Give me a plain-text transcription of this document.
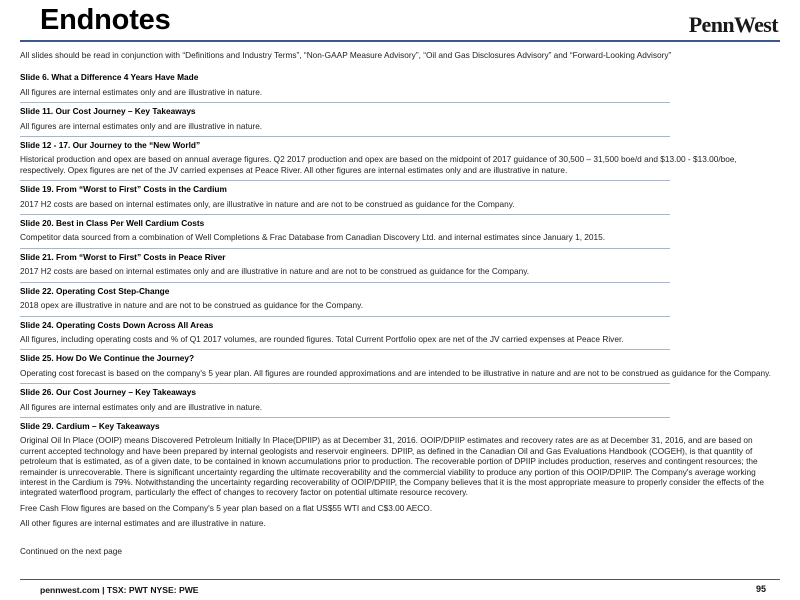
Endnotes	PennWest
All slides should be read in conjunction with “Definitions and Industry Terms”, “Non-GAAP Measure Advisory”, “Oil and Gas Disclosures Advisory” and “Forward-Looking Advisory”
Slide 6. What a Difference 4 Years Have Made

All figures are internal estimates only and are illustrative in nature.

Slide 11. Our Cost Journey – Key Takeaways

All figures are internal estimates only and are illustrative in nature.

Slide 12 - 17. Our Journey to the “New World”

Historical production and opex are based on annual average figures. Q2 2017 production and opex are based on the midpoint of 2017 guidance of 30,500 – 31,500 boe/d and $13.00 - $13.00/boe, respectively. Opex figures are net of the JV carried expenses at Peace River. All other figures are internal estimates only and are illustrative in nature.

Slide 19. From “Worst to First” Costs in the Cardium

2017 H2 costs are based on internal estimates only, are illustrative in nature and are not to be construed as guidance for the Company.

Slide 20. Best in Class Per Well Cardium Costs

Competitor data sourced from a combination of Well Completions & Frac Database from Canadian Discovery Ltd. and internal estimates since January 1, 2015.

Slide 21. From “Worst to First” Costs in Peace River

2017 H2 costs are based on internal estimates only and are illustrative in nature and are not to be construed as guidance for the Company.

Slide 22. Operating Cost Step-Change

2018 opex are illustrative in nature and are not to be construed as guidance for the Company.

Slide 24. Operating Costs Down Across All Areas

All figures, including operating costs and % of Q1 2017 volumes, are rounded figures. Total Current Portfolio opex are net of the JV carried expenses at Peace River.

Slide 25. How Do We Continue the Journey?

Operating cost forecast is based on the company's 5 year plan. All figures are rounded approximations and are intended to be illustrative in nature and are not to be construed as guidance for the Company.

Slide 26. Our Cost Journey – Key Takeaways

All figures are internal estimates only and are illustrative in nature.

Slide 29. Cardium – Key Takeaways

Original Oil In Place (OOIP) means Discovered Petroleum Initially In Place(DPIIP) as at December 31, 2016. OOIP/DPIIP estimates and recovery rates are as at December 31, 2016, and are based on current accepted technology and have been prepared by internal geologists and reservoir engineers. DPIIP, as defined in the Canadian Oil and Gas Evaluations Handbook (COGEH), is that quantity of petroleum that is estimated, as of a given date, to be contained in known accumulations prior to production. The recoverable portion of DPIIP includes production, reserves and contingent resources; the remainder is unrecoverable. There is significant uncertainty regarding the ultimate recoverability and the commercial viability to produce any portion of this OOIP/DPIIP. The Company's average working interest in the Cardium is 79%. Notwithstanding the uncertainty regarding recoverability of OOIP/DPIIP, the Company believes that it is the most appropriate measure to properly consider the effects of the integrated waterflood program, particularly the effect of changes to recovery factor on potential ultimate resource recovery.

Free Cash Flow figures are based on the Company's 5 year plan based on a flat US$55 WTI and C$3.00 AECO.

All other figures are internal estimates and are illustrative in nature.

Continued on the next page
pennwest.com | TSX: PWT NYSE: PWE	95
